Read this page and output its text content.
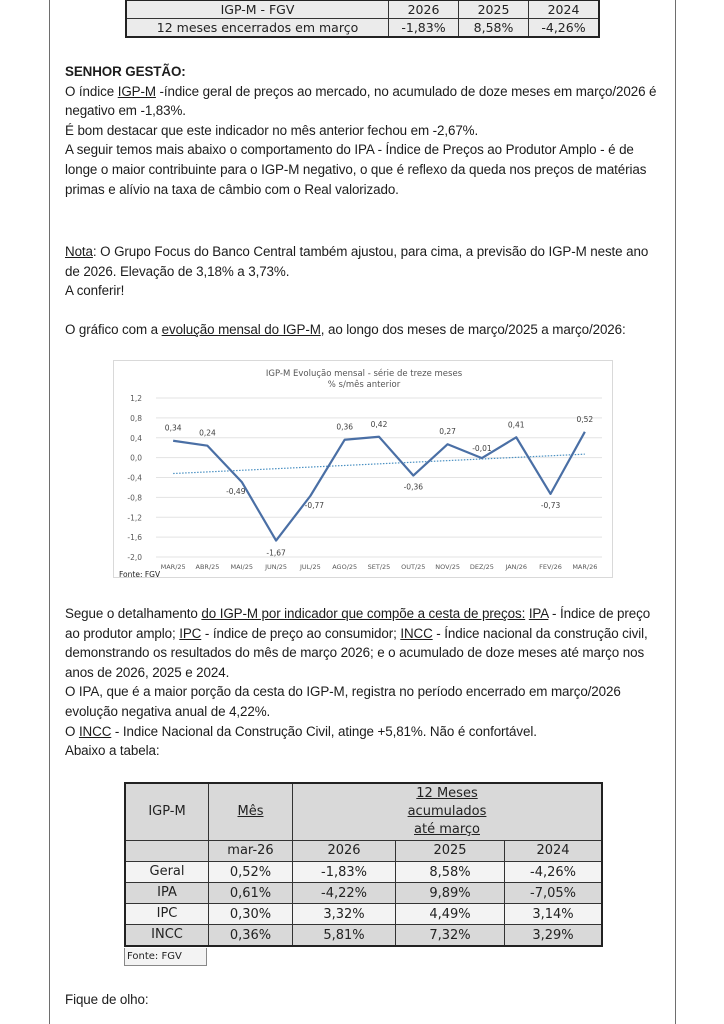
IGP-M - FGV	2026	2025	2024
12 meses encerrados em março	-1,83%	8,58%	-4,26%

SENHOR GESTÃO:

O índice IGP-M -índice geral de preços ao mercado, no acumulado de doze meses em março/2026 é negativo em -1,83%.

É bom destacar que este indicador no mês anterior fechou em -2,67%.

A seguir temos mais abaixo o comportamento do IPA - Índice de Preços ao Produtor Amplo - é de longe o maior contribuinte para o IGP-M negativo, o que é reflexo da queda nos preços de matérias primas e alívio na taxa de câmbio com o Real valorizado.

Nota: O Grupo Focus do Banco Central também ajustou, para cima, a previsão do IGP-M neste ano de 2026. Elevação de 3,18% a 3,73%.

A conferir!

O gráfico com a evolução mensal do IGP-M, ao longo dos meses de março/2025 a março/2026:

IGP-M Evolução mensal - série de treze meses
% s/mês anterior
1,2
0,8
0,4
0,0
-0,4
-0,8
-1,2
-1,6
-2,0
MAR/25 ABR/25 MAI/25 JUN/25 JUL/25 AGO/25 SET/25 OUT/25 NOV/25 DEZ/25 JAN/26 FEV/26 MAR/26
0,34
0,24
-0,49
-1,67
-0,77
0,36 0,42
-0,36
0,27
-0,01
0,41
-0,73
0,52
Fonte: FGV

Segue o detalhamento do IGP-M por indicador que compõe a cesta de preços: IPA - Índice de preço ao produtor amplo; IPC - índice de preço ao consumidor; INCC - Índice nacional da construção civil, demonstrando os resultados do mês de março 2026; e o acumulado de doze meses até março nos anos de 2026, 2025 e 2024.

O IPA, que é a maior porção da cesta do IGP-M, registra no período encerrado em março/2026 evolução negativa anual de 4,22%.

O INCC - Indice Nacional da Construção Civil, atinge +5,81%. Não é confortável.

Abaixo a tabela:

IGP-M	Mês	12 Meses
acumulados
até março		
	mar-26	2026	2025	2024
Geral	0,52%	-1,83%	8,58%	-4,26%
IPA	0,61%	-4,22%	9,89%	-7,05%
IPC	0,30%	3,32%	4,49%	3,14%
INCC	0,36%	5,81%	7,32%	3,29%
Fonte: FGV

Fique de olho:
